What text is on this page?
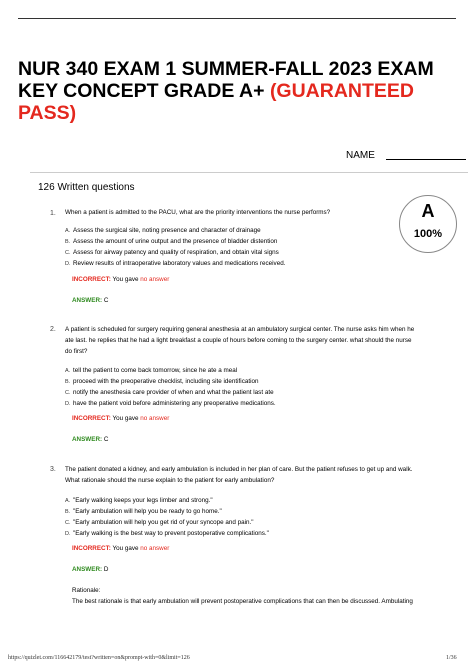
NUR 340 EXAM 1 SUMMER-FALL 2023 EXAM
KEY CONCEPT GRADE A+ (GUARANTEED
PASS)
NAME
126 Written questions
A
100%
1. When a patient is admitted to the PACU, what are the priority interventions the nurse performs?
A. Assess the surgical site, noting presence and character of drainage
B. Assess the amount of urine output and the presence of bladder distention
C. Assess for airway patency and quality of respiration, and obtain vital signs
D. Review results of intraoperative laboratory values and medications received.
INCORRECT: You gave no answer
ANSWER: C
2. A patient is scheduled for surgery requiring general anesthesia at an ambulatory surgical center. The nurse asks him when he
ate last. he replies that he had a light breakfast a couple of hours before coming to the surgery center. what should the nurse
do first?
A. tell the patient to come back tomorrow, since he ate a meal
B. proceed with the preoperative checklist, including site identification
C. notify the anesthesia care provider of when and what the patient last ate
D. have the patient void before administering any preoperative medications.
INCORRECT: You gave no answer
ANSWER: C
3. The patient donated a kidney, and early ambulation is included in her plan of care. But the patient refuses to get up and walk.
What rationale should the nurse explain to the patient for early ambulation?
A. "Early walking keeps your legs limber and strong."
B. "Early ambulation will help you be ready to go home."
C. "Early ambulation will help you get rid of your syncope and pain."
D. "Early walking is the best way to prevent postoperative complications."
INCORRECT: You gave no answer
ANSWER: D
Rationale:
The best rationale is that early ambulation will prevent postoperative complications that can then be discussed. Ambulating
https://quizlet.com/116642179/test?written=on&prompt-with=0&limit=126	1/36
